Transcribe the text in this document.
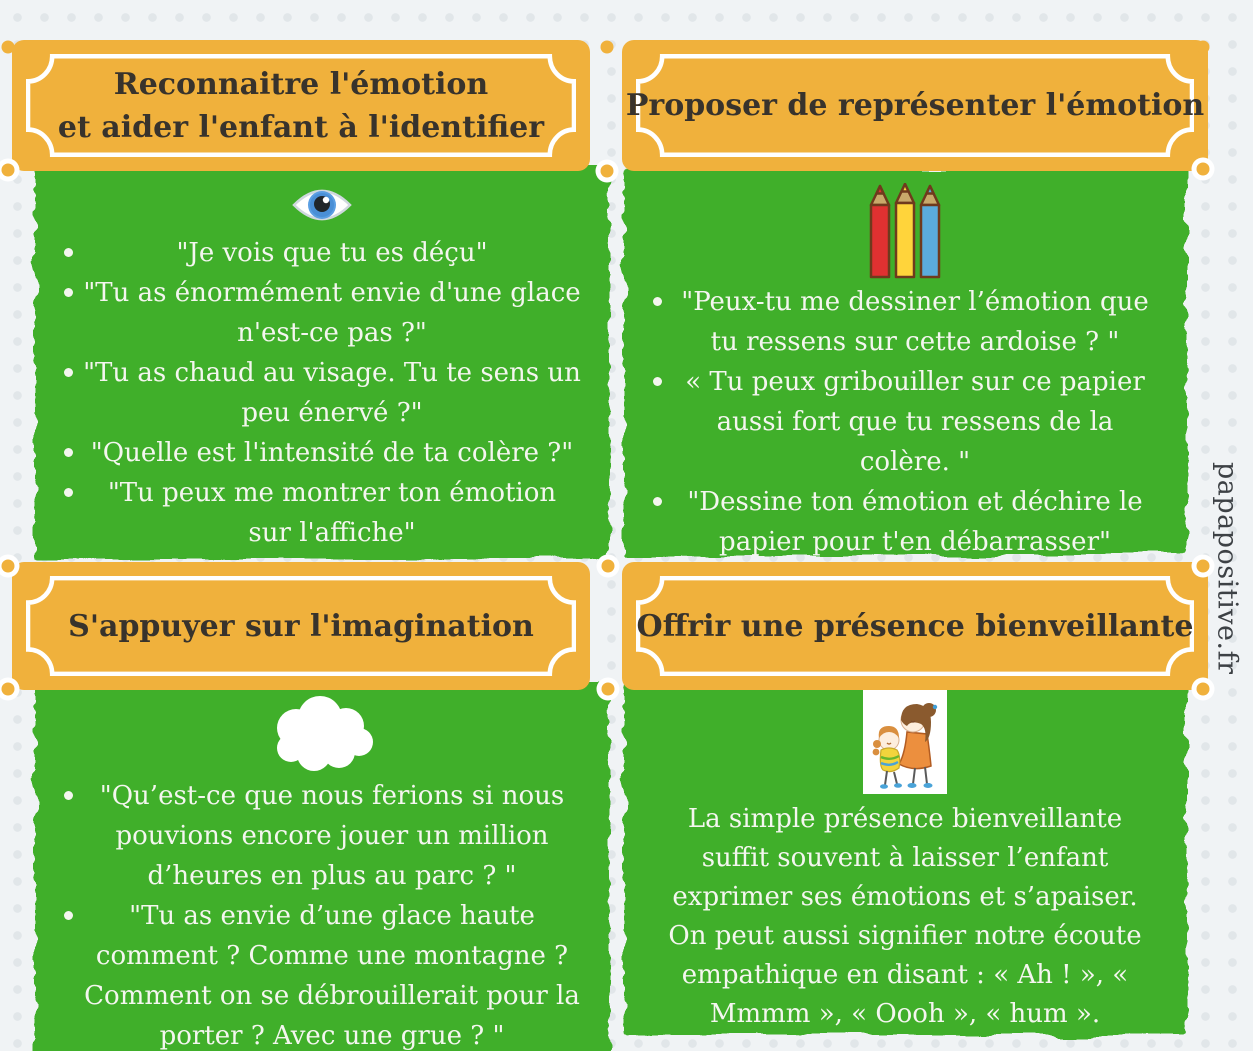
Reconnaitre l'émotion
et aider l'enfant à l'identifier
Proposer de représenter l'émotion
S'appuyer sur l'imagination	Offrir une présence bienveillante
"Je vois que tu es déçu"
"Tu as énormément envie d'une glace n'est-ce pas ?"
"Tu as chaud au visage. Tu te sens un peu énervé ?"
"Quelle est l'intensité de ta colère ?"
"Tu peux me montrer ton émotion sur l'affiche"
"Peux-tu me dessiner l’émotion que tu ressens sur cette ardoise ? "
« Tu peux gribouiller sur ce papier aussi fort que tu ressens de la colère. "
"Dessine ton émotion et déchire le papier pour t'en débarrasser"
"Qu’est-ce que nous ferions si nous pouvions encore jouer un million d’heures en plus au parc ? "
"Tu as envie d’une glace haute comment ? Comme une montagne ? Comment on se débrouillerait pour la porter ? Avec une grue ? "

La simple présence bienveillante suffit souvent à laisser l’enfant exprimer ses émotions et s’apaiser. On peut aussi signifier notre écoute empathique en disant : « Ah ! », « Mmmm », « Oooh », « hum ».

papapositive.fr
